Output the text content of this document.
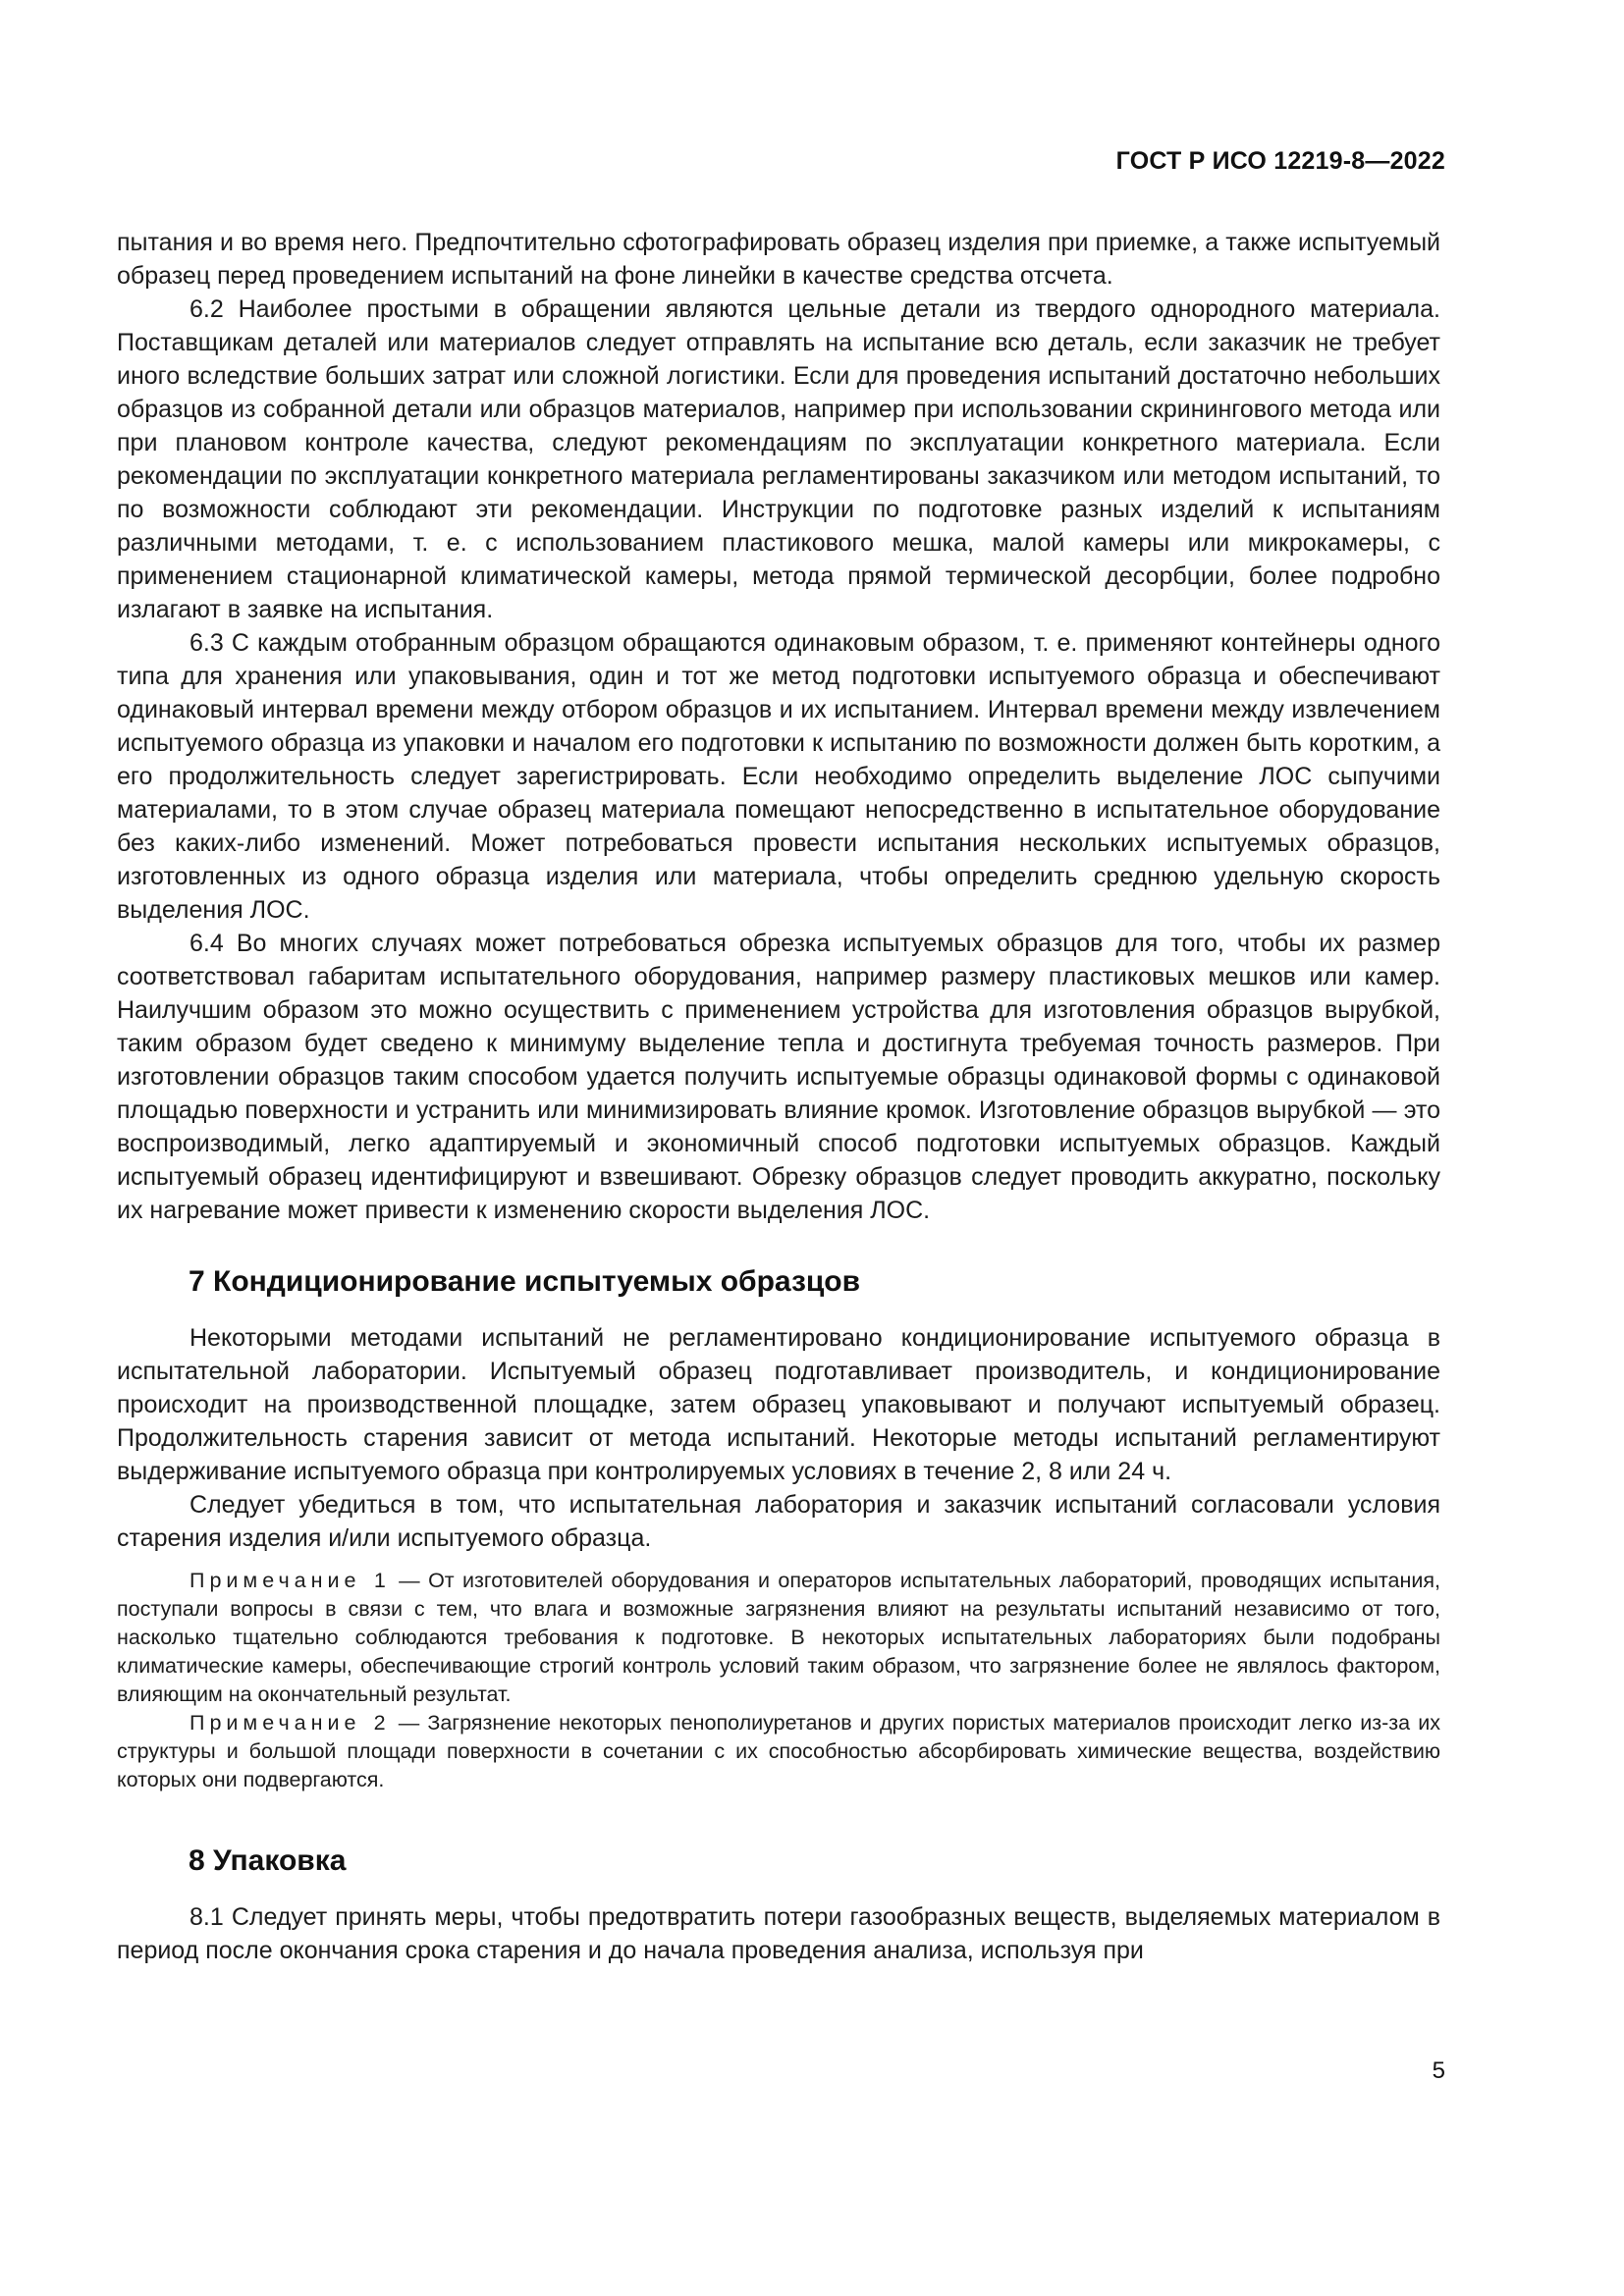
ГОСТ Р ИСО 12219-8—2022

пытания и во время него. Предпочтительно сфотографировать образец изделия при приемке, а также испытуемый образец перед проведением испытаний на фоне линейки в качестве средства отсчета.

6.2 Наиболее простыми в обращении являются цельные детали из твердого однородного материала. Поставщикам деталей или материалов следует отправлять на испытание всю деталь, если заказчик не требует иного вследствие больших затрат или сложной логистики. Если для проведения испытаний достаточно небольших образцов из собранной детали или образцов материалов, например при использовании скринингового метода или при плановом контроле качества, следуют рекомендациям по эксплуатации конкретного материала. Если рекомендации по эксплуатации конкретного материала регламентированы заказчиком или методом испытаний, то по возможности соблюдают эти рекомендации. Инструкции по подготовке разных изделий к испытаниям различными методами, т. е. с использованием пластикового мешка, малой камеры или микрокамеры, с применением стационарной климатической камеры, метода прямой термической десорбции, более подробно излагают в заявке на испытания.

6.3 С каждым отобранным образцом обращаются одинаковым образом, т. е. применяют контейнеры одного типа для хранения или упаковывания, один и тот же метод подготовки испытуемого образца и обеспечивают одинаковый интервал времени между отбором образцов и их испытанием. Интервал времени между извлечением испытуемого образца из упаковки и началом его подготовки к испытанию по возможности должен быть коротким, а его продолжительность следует зарегистрировать. Если необходимо определить выделение ЛОС сыпучими материалами, то в этом случае образец материала помещают непосредственно в испытательное оборудование без каких-либо изменений. Может потребоваться провести испытания нескольких испытуемых образцов, изготовленных из одного образца изделия или материала, чтобы определить среднюю удельную скорость выделения ЛОС.

6.4 Во многих случаях может потребоваться обрезка испытуемых образцов для того, чтобы их размер соответствовал габаритам испытательного оборудования, например размеру пластиковых мешков или камер. Наилучшим образом это можно осуществить с применением устройства для изготовления образцов вырубкой, таким образом будет сведено к минимуму выделение тепла и достигнута требуемая точность размеров. При изготовлении образцов таким способом удается получить испытуемые образцы одинаковой формы с одинаковой площадью поверхности и устранить или минимизировать влияние кромок. Изготовление образцов вырубкой — это воспроизводимый, легко адаптируемый и экономичный способ подготовки испытуемых образцов. Каждый испытуемый образец идентифицируют и взвешивают. Обрезку образцов следует проводить аккуратно, поскольку их нагревание может привести к изменению скорости выделения ЛОС.

7 Кондиционирование испытуемых образцов

Некоторыми методами испытаний не регламентировано кондиционирование испытуемого образца в испытательной лаборатории. Испытуемый образец подготавливает производитель, и кондиционирование происходит на производственной площадке, затем образец упаковывают и получают испытуемый образец. Продолжительность старения зависит от метода испытаний. Некоторые методы испытаний регламентируют выдерживание испытуемого образца при контролируемых условиях в течение 2, 8 или 24 ч.

Следует убедиться в том, что испытательная лаборатория и заказчик испытаний согласовали условия старения изделия и/или испытуемого образца.

Примечание 1 — От изготовителей оборудования и операторов испытательных лабораторий, проводящих испытания, поступали вопросы в связи с тем, что влага и возможные загрязнения влияют на результаты испытаний независимо от того, насколько тщательно соблюдаются требования к подготовке. В некоторых испытательных лабораториях были подобраны климатические камеры, обеспечивающие строгий контроль условий таким образом, что загрязнение более не являлось фактором, влияющим на окончательный результат.

Примечание 2 — Загрязнение некоторых пенополиуретанов и других пористых материалов происходит легко из-за их структуры и большой площади поверхности в сочетании с их способностью абсорбировать химические вещества, воздействию которых они подвергаются.

8 Упаковка

8.1 Следует принять меры, чтобы предотвратить потери газообразных веществ, выделяемых материалом в период после окончания срока старения и до начала проведения анализа, используя при

5
